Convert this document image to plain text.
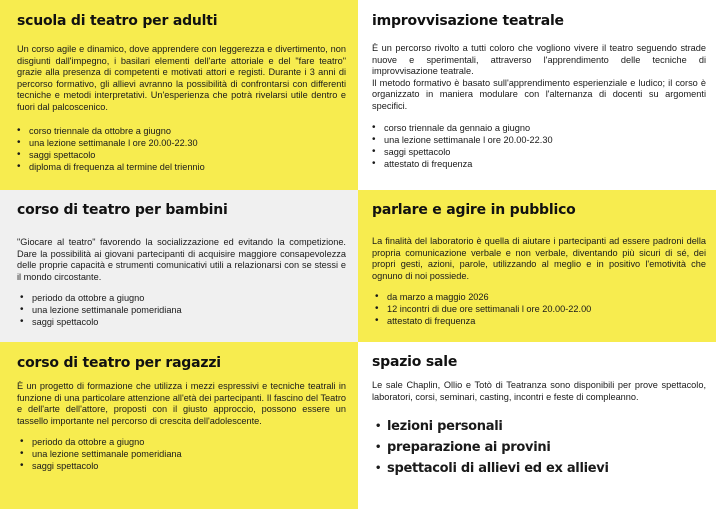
scuola di teatro per adulti

Un corso agile e dinamico, dove apprendere con leggerezza e divertimento, non disgiunti dall'impegno, i basilari elementi dell'arte attoriale e del "fare teatro" grazie alla presenza di competenti e motivati attori e registi. Durante i 3 anni di percorso formativo, gli allievi avranno la possibilità di confrontarsi con differenti tecniche e metodi interpretativi. Un'esperienza che potrà rivelarsi utile dentro e fuori dal palcoscenico.

• corso triennale da ottobre a giugno
• una lezione settimanale l ore 20.00-22.30
• saggi spettacolo
• diploma di frequenza al termine del triennio
improvvisazione teatrale

È un percorso rivolto a tutti coloro che vogliono vivere il teatro seguendo strade nuove e sperimentali, attraverso l'apprendimento delle tecniche di improvvisazione teatrale.

Il metodo formativo è basato sull'apprendimento esperienziale e ludico; il corso è organizzato in maniera modulare con l'alternanza di docenti su argomenti specifici.

• corso triennale da gennaio a giugno
• una lezione settimanale l ore 20.00-22.30
• saggi spettacolo
• attestato di frequenza
corso di teatro per bambini

"Giocare al teatro" favorendo la socializzazione ed evitando la competizione. Dare la possibilità ai giovani partecipanti di acquisire maggiore consapevolezza delle proprie capacità e strumenti comunicativi utili a relazionarsi con se stessi e il mondo circostante.

• periodo da ottobre a giugno
• una lezione settimanale pomeridiana
• saggi spettacolo
parlare e agire in pubblico

La finalità del laboratorio è quella di aiutare i partecipanti ad essere padroni della propria comunicazione verbale e non verbale, diventando più sicuri di sé, dei propri gesti, azioni, parole, utilizzando al meglio e in positivo l'emotività che ognuno di noi possiede.

• da marzo a maggio 2026
• 12 incontri di due ore settimanali l ore 20.00-22.00
• attestato di frequenza
corso di teatro per ragazzi

È un progetto di formazione che utilizza i mezzi espressivi e tecniche teatrali in funzione di una particolare attenzione all'età dei partecipanti. Il fascino del Teatro e dell'arte dell'attore, proposti con il giusto approccio, possono essere un tassello importante nel percorso di crescita dell'adolescente.

• periodo da ottobre a giugno
• una lezione settimanale pomeridiana
• saggi spettacolo
spazio sale

Le sale Chaplin, Ollio e Totò di Teatranza sono disponibili per prove spettacolo, laboratori, corsi, seminari, casting, incontri e feste di compleanno.

• lezioni personali
• preparazione ai provini
• spettacoli di allievi ed ex allievi
